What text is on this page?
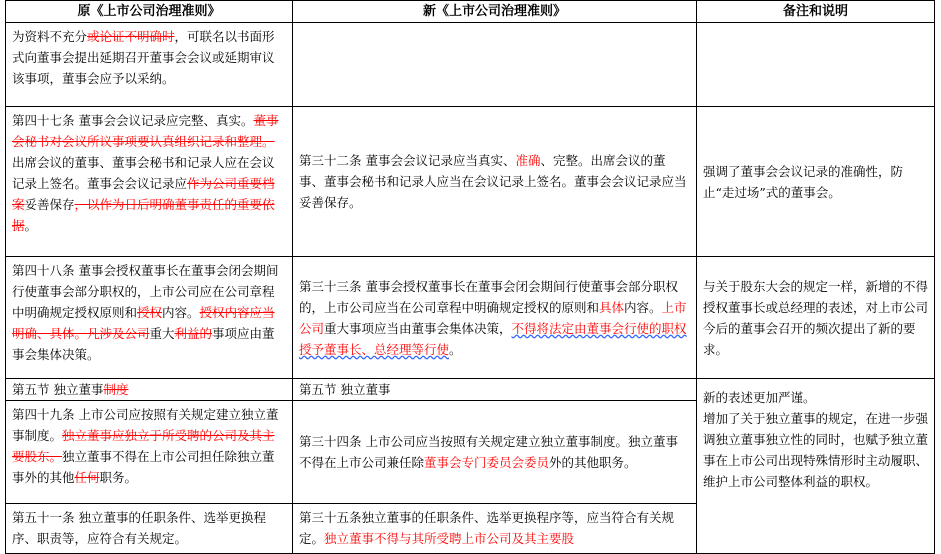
原《上市公司治理准则》	新《上市公司治理准则》	备注和说明
为资料不充分或论证不明确时，可联名以书面形式向董事会提出延期召开董事会会议或延期审议该事项，董事会应予以采纳。		
第四十七条 董事会会议记录应完整、真实。董事会秘书对会议所议事项要认真组织记录和整理。出席会议的董事、董事会秘书和记录人应在会议记录上签名。董事会会议记录应作为公司重要档案妥善保存，以作为日后明确董事责任的重要依据。	第三十二条 董事会会议记录应当真实、准确、完整。出席会议的董事、董事会秘书和记录人应当在会议记录上签名。董事会会议记录应当妥善保存。	强调了董事会会议记录的准确性，防止“走过场”式的董事会。
第四十八条 董事会授权董事长在董事会闭会期间行使董事会部分职权的，上市公司应在公司章程中明确规定授权原则和授权内容。授权内容应当明确、具体。凡涉及公司重大利益的事项应由董事会集体决策。	第三十三条 董事会授权董事长在董事会闭会期间行使董事会部分职权的，上市公司应当在公司章程中明确规定授权的原则和具体内容。上市公司重大事项应当由董事会集体决策，不得将法定由董事会行使的职权授予董事长、总经理等行使。	与关于股东大会的规定一样，新增的不得授权董事长或总经理的表述，对上市公司今后的董事会召开的频次提出了新的要求。
第五节 独立董事制度	第五节 独立董事	新的表述更加严谨。
增加了关于独立董事的规定，在进一步强调独立董事独立性的同时，也赋予独立董事在上市公司出现特殊情形时主动履职、维护上市公司整体利益的职权。
第四十九条 上市公司应按照有关规定建立独立董事制度。独立董事应独立于所受聘的公司及其主要股东。独立董事不得在上市公司担任除独立董事外的其他任何职务。	第三十四条 上市公司应当按照有关规定建立独立董事制度。独立董事不得在上市公司兼任除董事会专门委员会委员外的其他职务。	
第五十一条 独立董事的任职条件、选举更换程序、职责等，应符合有关规定。	第三十五条独立董事的任职条件、选举更换程序等，应当符合有关规定。独立董事不得与其所受聘上市公司及其主要股	
